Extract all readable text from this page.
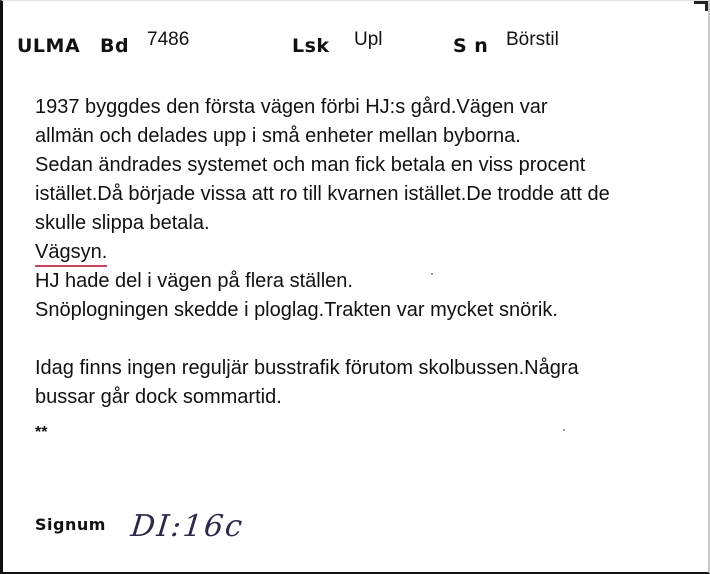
ULMA Bd 7486	Lsk Upl	S n Börstil
1937 byggdes den första vägen förbi HJ:s gård.Vägen var
allmän och delades upp i små enheter mellan byborna.
Sedan ändrades systemet och man fick betala en viss procent
istället.Då började vissa att ro till kvarnen istället.De trodde att de
skulle slippa betala.
Vägsyn.
HJ hade del i vägen på flera ställen.
Snöplogningen skedde i ploglag.Trakten var mycket snörik.
Idag finns ingen reguljär busstrafik förutom skolbussen.Några
bussar går dock sommartid.
**
Signum DI:16c
